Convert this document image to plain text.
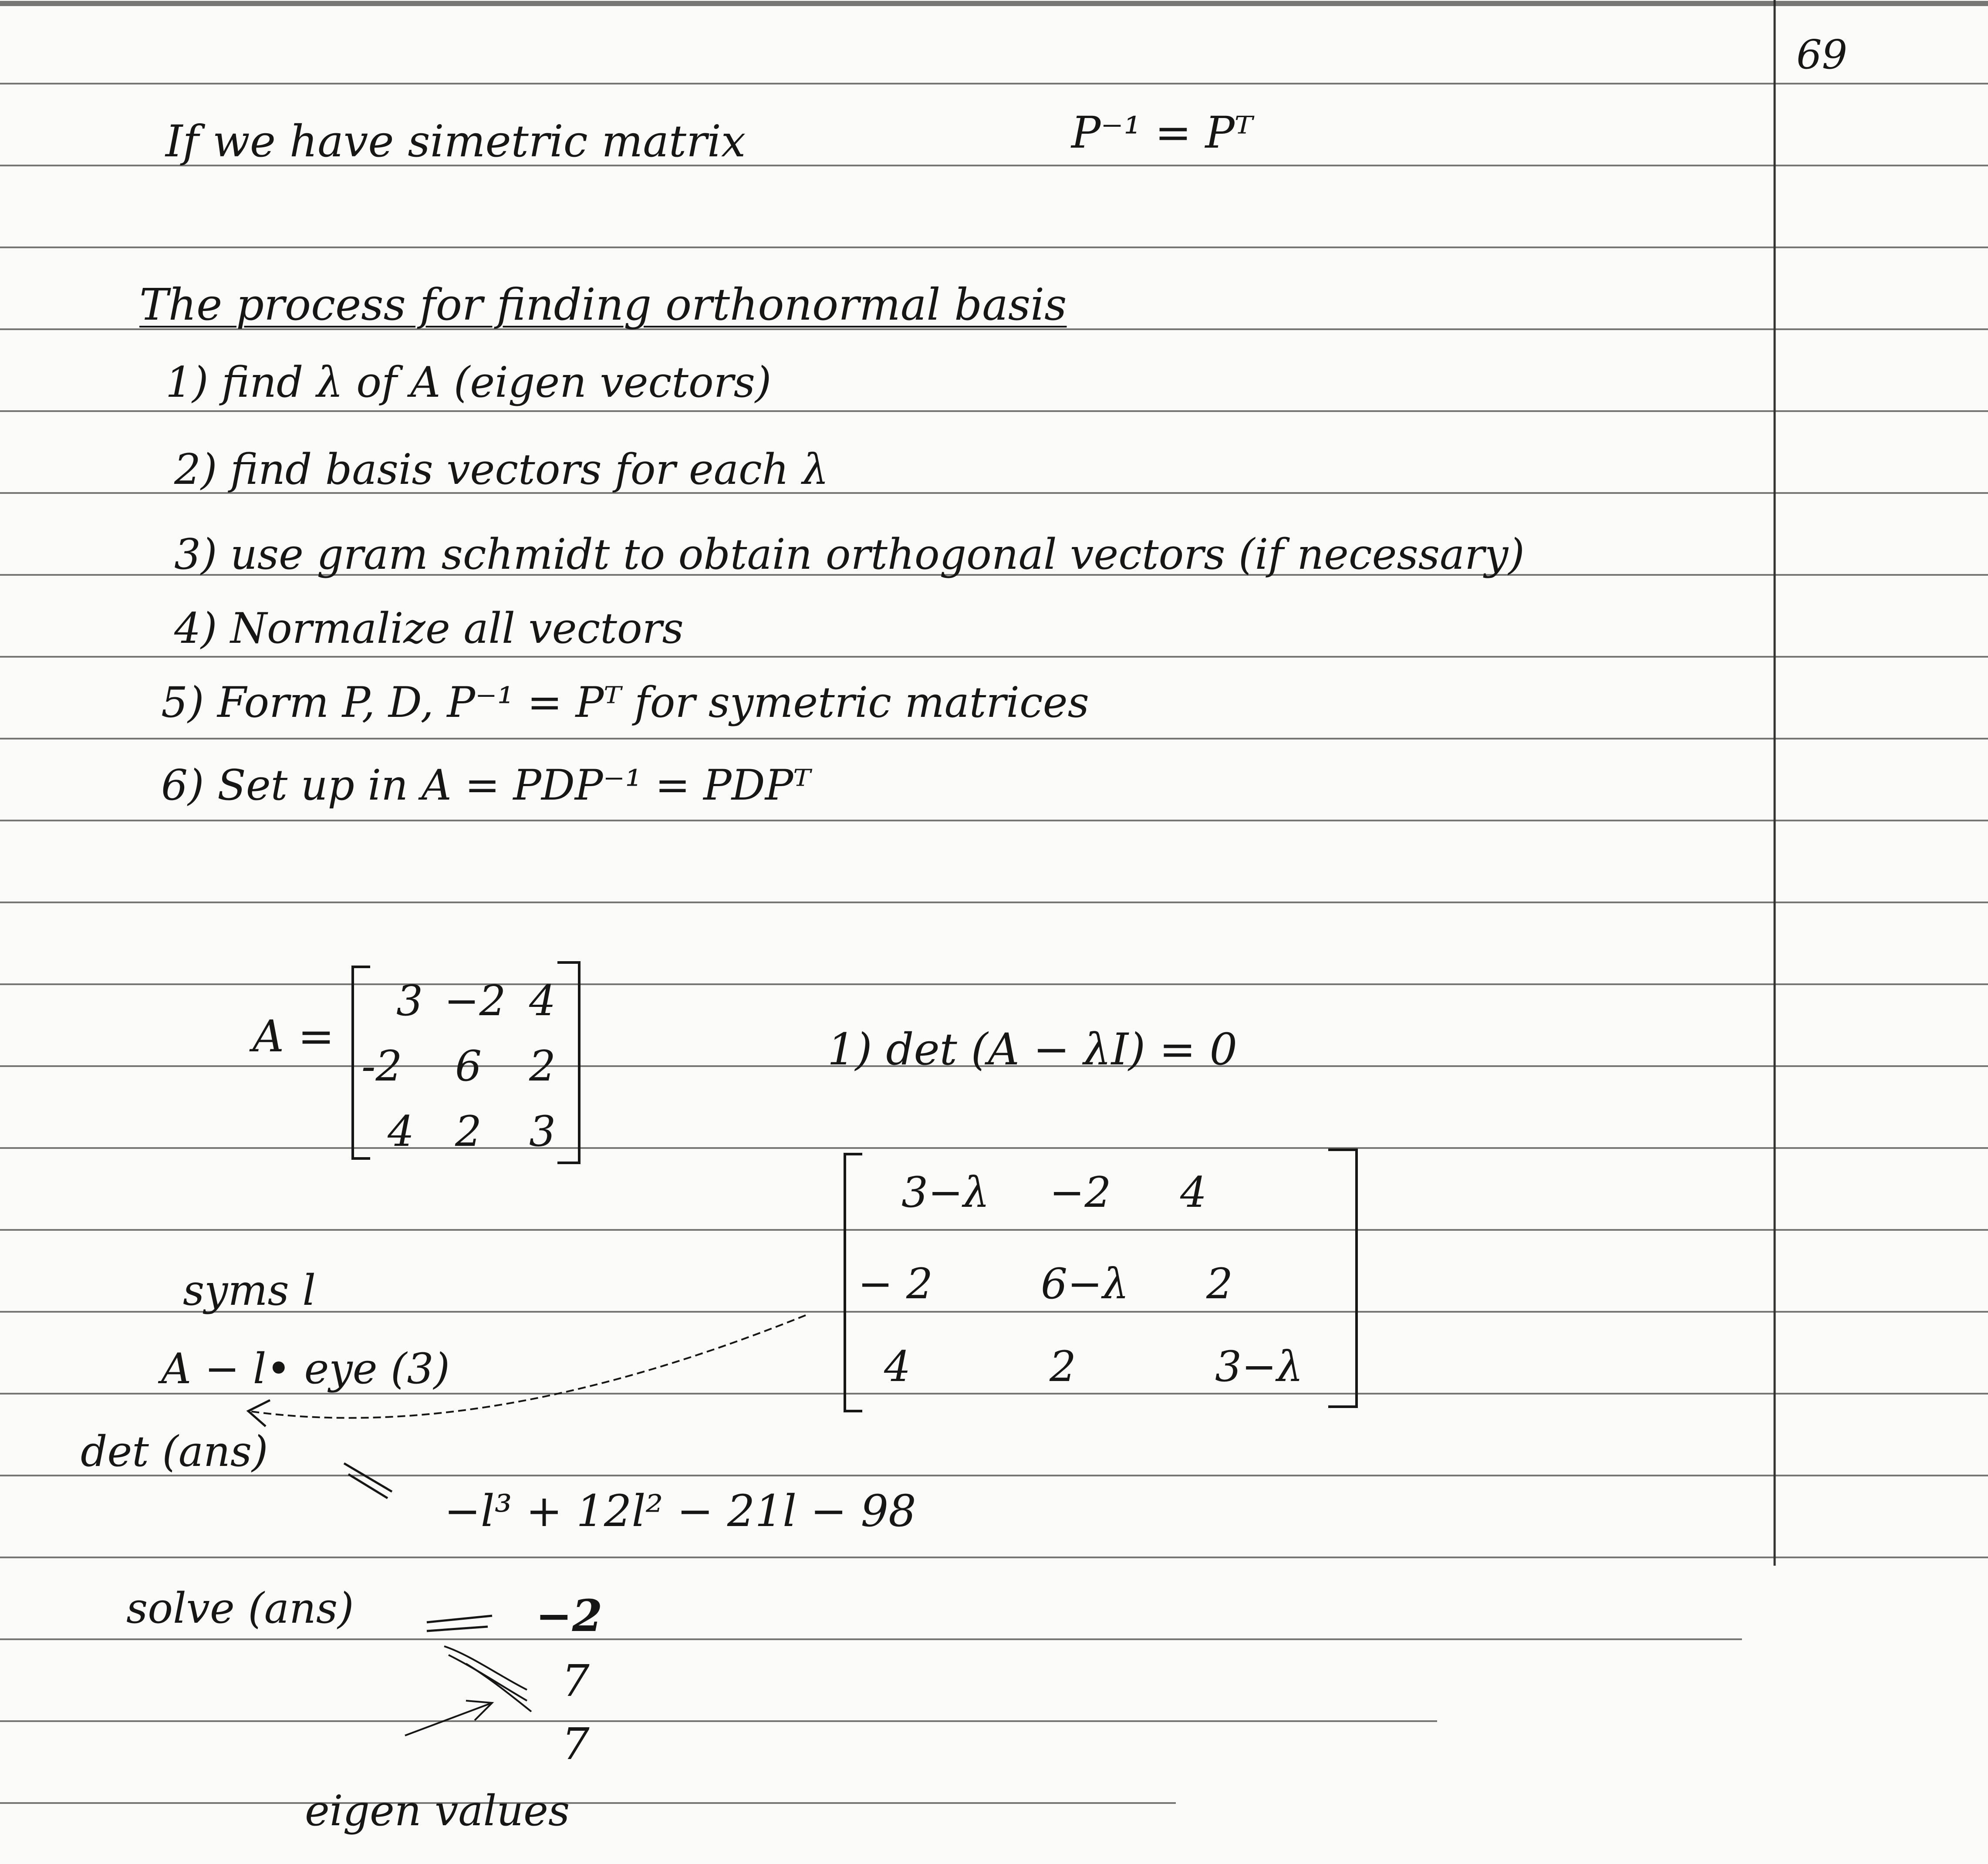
69
If we have simetric matrix	P⁻¹ = Pᵀ
The process for finding orthonormal basis
1) find λ of A (eigen vectors)
2) find basis vectors for each λ
3) use gram schmidt to obtain orthogonal vectors (if necessary)
4) Normalize all vectors
5) Form P, D, P⁻¹ = Pᵀ for symetric matrices
6) Set up in A = PDP⁻¹ = PDPᵀ
A =
3 −2 4
-2 6 2
4 2 3
1) det (A − λI) = 0
3−λ −2 4
− 2	6−λ 2
4	2	3−λ
syms l
A − l• eye (3)
det (ans)
−l³ + 12l² − 21l − 98
solve (ans)	−2
7
7
eigen values
